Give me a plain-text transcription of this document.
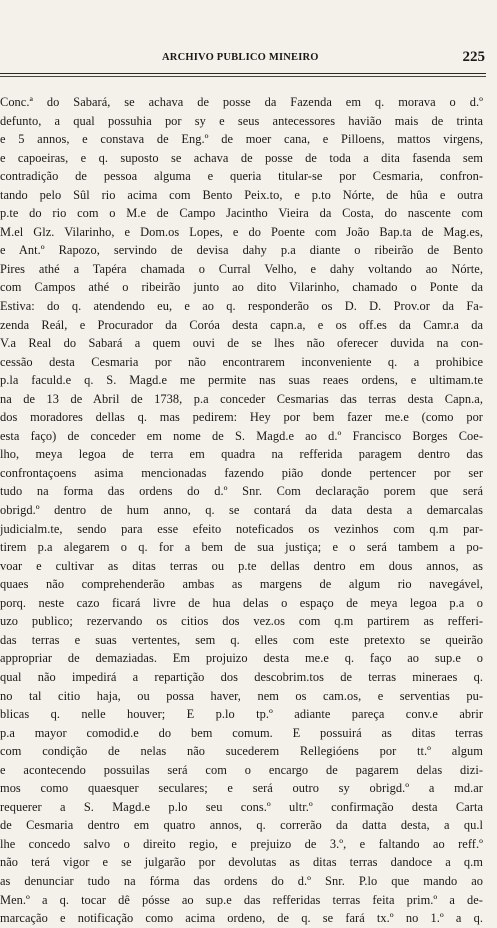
ARCHIVO PUBLICO MINEIRO	225
Conc.ª do Sabará, se achava de posse da Fazenda em q. morava o d.º
defunto, a qual possuhia por sy e seus antecessores havião mais de trinta
e 5 annos, e constava de Eng.º de moer cana, e Pilloens, mattos virgens,
e capoeiras, e q. suposto se achava de posse de toda a dita fasenda sem
contradição de pessoa alguma e queria titular-se por Cesmaria, confron-
tando pelo Sûl rio acima com Bento Peix.to, e p.to Nórte, de hûa e outra
p.te do rio com o M.e de Campo Jacintho Vieira da Costa, do nascente com
M.el Glz. Vilarinho, e Dom.os Lopes, e do Poente com João Bap.ta de Mag.es,
e Ant.º Rapozo, servindo de devisa dahy p.a diante o ribeirão de Bento
Pires athé a Tapéra chamada o Curral Velho, e dahy voltando ao Nórte,
com Campos athé o ribeirão junto ao dito Vilarinho, chamado o Ponte da
Estiva: do q. atendendo eu, e ao q. responderão os D. D. Prov.or da Fa-
zenda Reál, e Procurador da Coróa desta capn.a, e os off.es da Camr.a da
V.a Real do Sabará a quem ouvi de se lhes não oferecer duvida na con-
cessão desta Cesmaria por não encontrarem inconveniente q. a prohibice
p.la faculd.e q. S. Magd.e me permite nas suas reaes ordens, e ultimam.te
na de 13 de Abril de 1738, p.a conceder Cesmarias das terras desta Capn.a,
dos moradores dellas q. mas pedirem: Hey por bem fazer me.e (como por
esta faço) de conceder em nome de S. Magd.e ao d.º Francisco Borges Coe-
lho, meya legoa de terra em quadra na refferida paragem dentro das
confrontaçoens asima mencionadas fazendo pião donde pertencer por ser
tudo na forma das ordens do d.º Snr. Com declaração porem que será
obrigd.º dentro de hum anno, q. se contará da data desta a demarcalas
judicialm.te, sendo para esse efeito noteficados os vezinhos com q.m par-
tirem p.a alegarem o q. for a bem de sua justiça; e o será tambem a po-
voar e cultivar as ditas terras ou p.te dellas dentro em dous annos, as
quaes não comprehenderão ambas as margens de algum rio navegável,
porq. neste cazo ficará livre de hua delas o espaço de meya legoa p.a o
uzo publico; rezervando os citios dos vez.os com q.m partirem as refferi-
das terras e suas vertentes, sem q. elles com este pretexto se queirão
appropriar de demaziadas. Em projuizo desta me.e q. faço ao sup.e o
qual não impedirá a repartição dos descobrim.tos de terras mineraes q.
no tal citio haja, ou possa haver, nem os cam.os, e serventias pu-
blicas q. nelle houver; E p.lo tp.º adiante pareça conv.e abrir
p.a mayor comodid.e do bem comum. E possuirá as ditas terras
com condição de nelas não sucederem Rellegióens por tt.º algum
e acontecendo possuilas será com o encargo de pagarem delas dizi-
mos como quaesquer seculares; e será outro sy obrigd.º a md.ar
requerer a S. Magd.e p.lo seu cons.º ultr.º confirmação desta Carta
de Cesmaria dentro em quatro annos, q. correrão da datta desta, a qu.l
lhe concedo salvo o direito regio, e prejuizo de 3.º, e faltando ao reff.º
não terá vigor e se julgarão por devolutas as ditas terras dandoce a q.m
as denunciar tudo na fórma das ordens do d.º Snr. P.lo que mando ao
Men.º a q. tocar dê pósse ao sup.e das refferidas terras feita prim.º a de-
marcação e notificação como acima ordeno, de q. se fará tx.º no 1.º a q.
